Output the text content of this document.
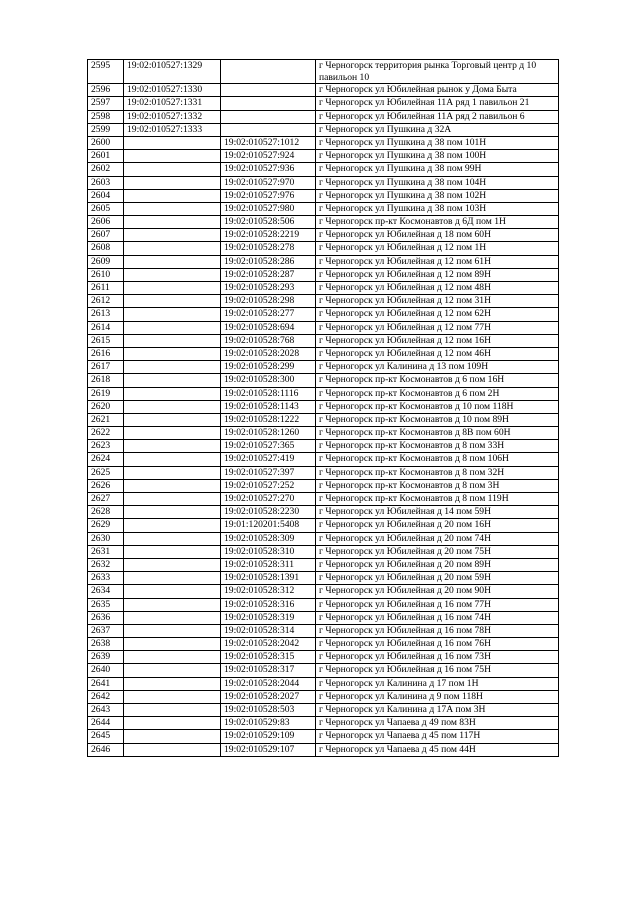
2595	19:02:010527:1329		г Черногорск территория рынка Торговый центр д 10 павильон 10
2596	19:02:010527:1330		г Черногорск ул Юбилейная рынок у Дома Быта
2597	19:02:010527:1331		г Черногорск ул Юбилейная 11А ряд 1 павильон 21
2598	19:02:010527:1332		г Черногорск ул Юбилейная 11А ряд 2 павильон 6
2599	19:02:010527:1333		г Черногорск ул Пушкина д 32А
2600		19:02:010527:1012	г Черногорск ул Пушкина д 38 пом 101Н
2601		19:02:010527:924	г Черногорск ул Пушкина д 38 пом 100Н
2602		19:02:010527:936	г Черногорск ул Пушкина д 38 пом 99Н
2603		19:02:010527:970	г Черногорск ул Пушкина д 38 пом 104Н
2604		19:02:010527:976	г Черногорск ул Пушкина д 38 пом 102Н
2605		19:02:010527:980	г Черногорск ул Пушкина д 38 пом 103Н
2606		19:02:010528:506	г Черногорск пр-кт Космонавтов д 6Д пом 1Н
2607		19:02:010528:2219	г Черногорск ул Юбилейная д 18 пом 60Н
2608		19:02:010528:278	г Черногорск ул Юбилейная д 12 пом 1Н
2609		19:02:010528:286	г Черногорск ул Юбилейная д 12 пом 61Н
2610		19:02:010528:287	г Черногорск ул Юбилейная д 12 пом 89Н
2611		19:02:010528:293	г Черногорск ул Юбилейная д 12 пом 48Н
2612		19:02:010528:298	г Черногорск ул Юбилейная д 12 пом 31Н
2613		19:02:010528:277	г Черногорск ул Юбилейная д 12 пом 62Н
2614		19:02:010528:694	г Черногорск ул Юбилейная д 12 пом 77Н
2615		19:02:010528:768	г Черногорск ул Юбилейная д 12 пом 16Н
2616		19:02:010528:2028	г Черногорск ул Юбилейная д 12 пом 46Н
2617		19:02:010528:299	г Черногорск ул Калинина д 13 пом 109Н
2618		19:02:010528:300	г Черногорск пр-кт Космонавтов д 6 пом 16Н
2619		19:02:010528:1116	г Черногорск пр-кт Космонавтов д 6 пом 2Н
2620		19:02:010528:1143	г Черногорск пр-кт Космонавтов д 10 пом 118Н
2621		19:02:010528:1222	г Черногорск пр-кт Космонавтов д 10 пом 89Н
2622		19:02:010528:1260	г Черногорск пр-кт Космонавтов д 8В пом 60Н
2623		19:02:010527:365	г Черногорск пр-кт Космонавтов д 8 пом 33Н
2624		19:02:010527:419	г Черногорск пр-кт Космонавтов д 8 пом 106Н
2625		19:02:010527:397	г Черногорск пр-кт Космонавтов д 8 пом 32Н
2626		19:02:010527:252	г Черногорск пр-кт Космонавтов д 8 пом 3Н
2627		19:02:010527:270	г Черногорск пр-кт Космонавтов д 8 пом 119Н
2628		19:02:010528:2230	г Черногорск ул Юбилейная д 14 пом 59Н
2629		19:01:120201:5408	г Черногорск ул Юбилейная д 20 пом 16Н
2630		19:02:010528:309	г Черногорск ул Юбилейная д 20 пом 74Н
2631		19:02:010528:310	г Черногорск ул Юбилейная д 20 пом 75Н
2632		19:02:010528:311	г Черногорск ул Юбилейная д 20 пом 89Н
2633		19:02:010528:1391	г Черногорск ул Юбилейная д 20 пом 59Н
2634		19:02:010528:312	г Черногорск ул Юбилейная д 20 пом 90Н
2635		19:02:010528:316	г Черногорск ул Юбилейная д 16 пом 77Н
2636		19:02:010528:319	г Черногорск ул Юбилейная д 16 пом 74Н
2637		19:02:010528:314	г Черногорск ул Юбилейная д 16 пом 78Н
2638		19:02:010528:2042	г Черногорск ул Юбилейная д 16 пом 76Н
2639		19:02:010528:315	г Черногорск ул Юбилейная д 16 пом 73Н
2640		19:02:010528:317	г Черногорск ул Юбилейная д 16 пом 75Н
2641		19:02:010528:2044	г Черногорск ул Калинина д 17 пом 1Н
2642		19:02:010528:2027	г Черногорск ул Калинина д 9 пом 118Н
2643		19:02:010528:503	г Черногорск ул Калинина д 17А пом 3Н
2644		19:02:010529:83	г Черногорск ул Чапаева д 49 пом 83Н
2645		19:02:010529:109	г Черногорск ул Чапаева д 45 пом 117Н
2646		19:02:010529:107	г Черногорск ул Чапаева д 45 пом 44Н
